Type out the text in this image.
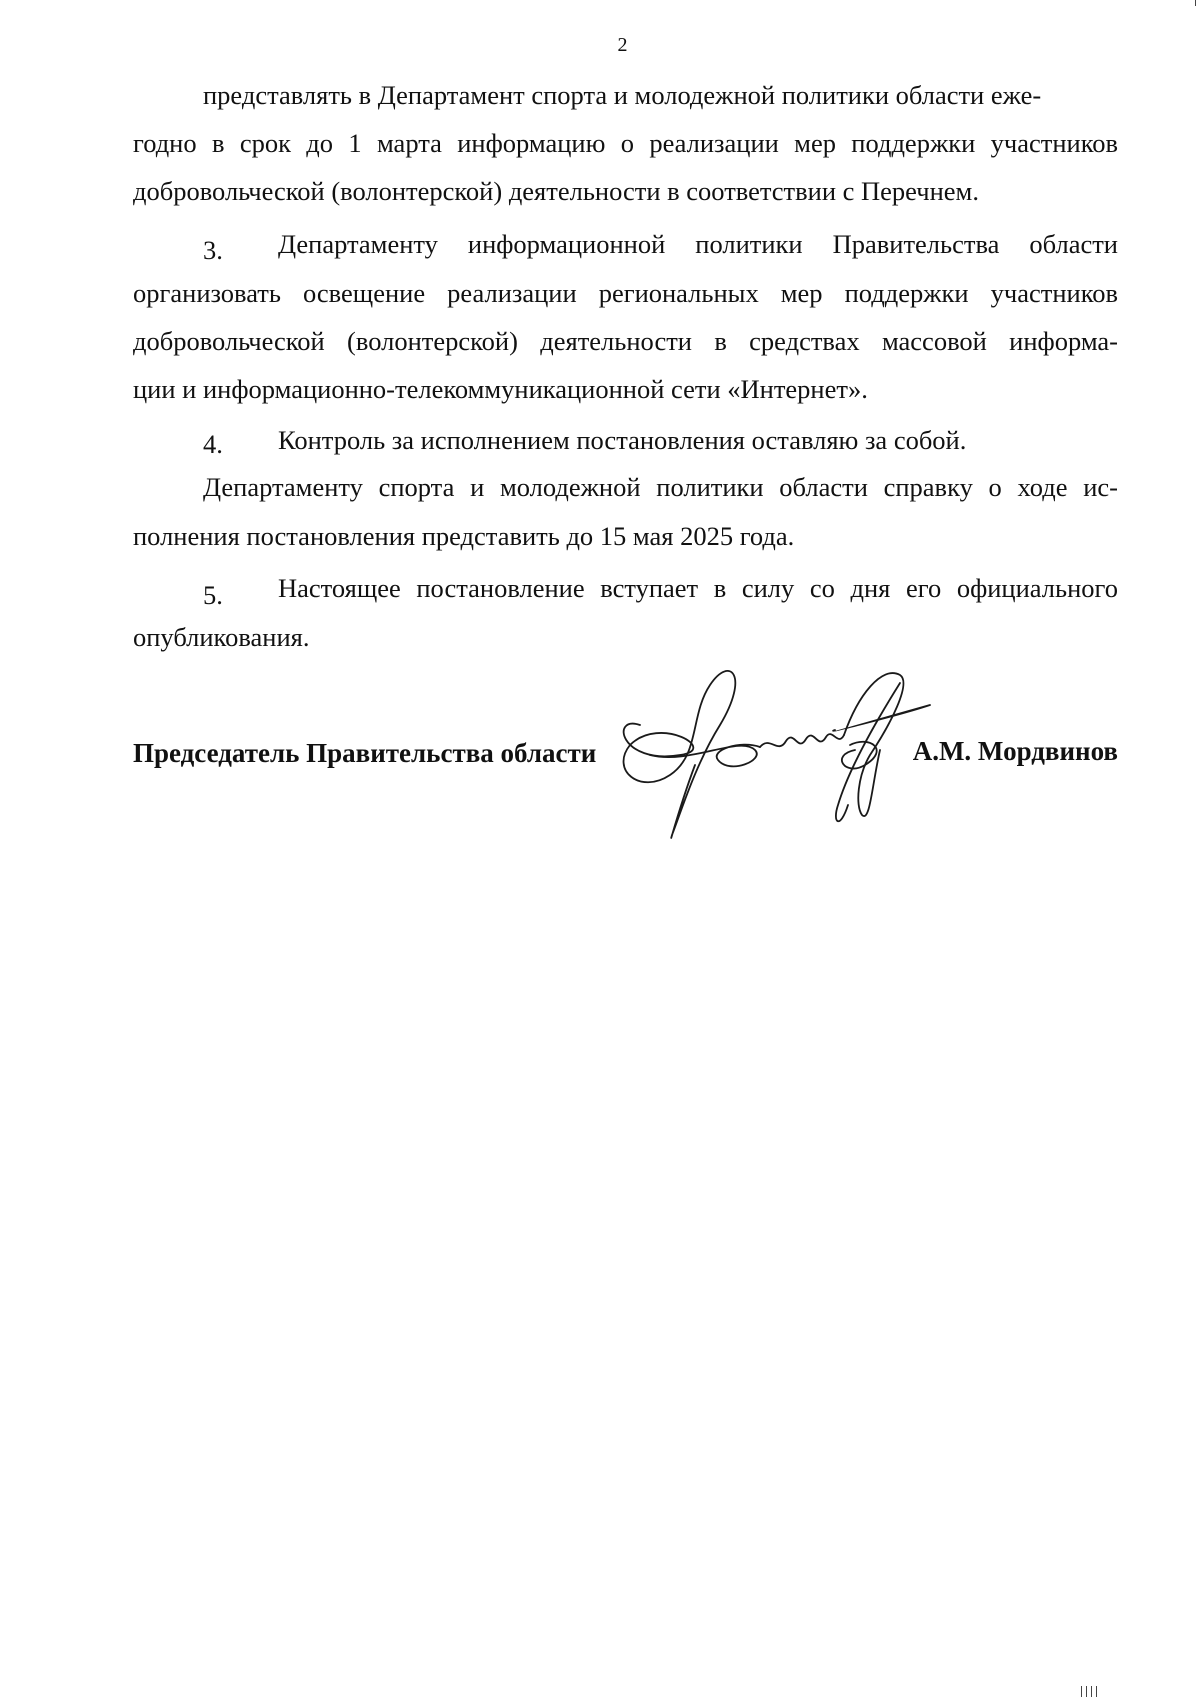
2
представлять в Департамент спорта и молодежной политики области еже-
годно в срок до 1 марта информацию о реализации мер поддержки участников
добровольческой (волонтерской) деятельности в соответствии с Перечнем.
3. Департаменту информационной политики Правительства области
организовать освещение реализации региональных мер поддержки участников
добровольческой (волонтерской) деятельности в средствах массовой информа-
ции и информационно-телекоммуникационной сети «Интернет».
4. Контроль за исполнением постановления оставляю за собой.
Департаменту спорта и молодежной политики области справку о ходе ис-
полнения постановления представить до 15 мая 2025 года.
5. Настоящее постановление вступает в силу со дня его официального
опубликования.
Председатель Правительства области	А.М. Мордвинов
